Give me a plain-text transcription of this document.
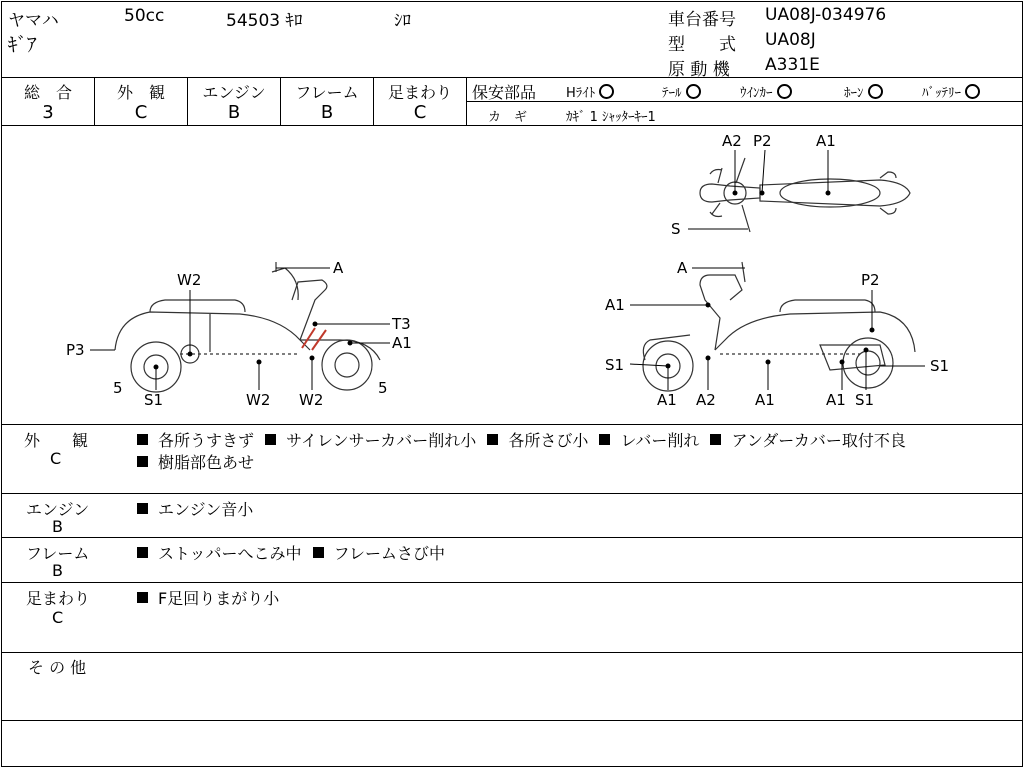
ヤマハ	50cc	54503 ｷﾛ	ｼﾛ
ｷﾞｱ
車台番号 UA08J-034976
型　　式 UA08J
原 動 機 A331E
総　合	外　観	エンジン	フレーム	足まわり
3	C	B	B	C
保安部品 Hﾗｲﾄ	ﾃｰﾙ	ｳｲﾝｶｰ	ﾎｰﾝ	ﾊﾞｯﾃﾘｰ
カ　ギ	ｶｷﾞ 1 ｼｬｯﾀｰｷｰ1
A2 P2	A1
S
W2
A
T3
A1
P3
5
S1	W2 W2
5
A
P2
A1
S1	S1
A1 A2	A1	A1 S1
外　　観
C
各所うすきず サイレンサーカバー削れ小 各所さび小 レバー削れ アンダーカバー取付不良
樹脂部色あせ
エンジン
B
エンジン音小
フレーム
B
ストッパーへこみ中 フレームさび中
足まわり
C
F足回りまがり小
そ の 他
